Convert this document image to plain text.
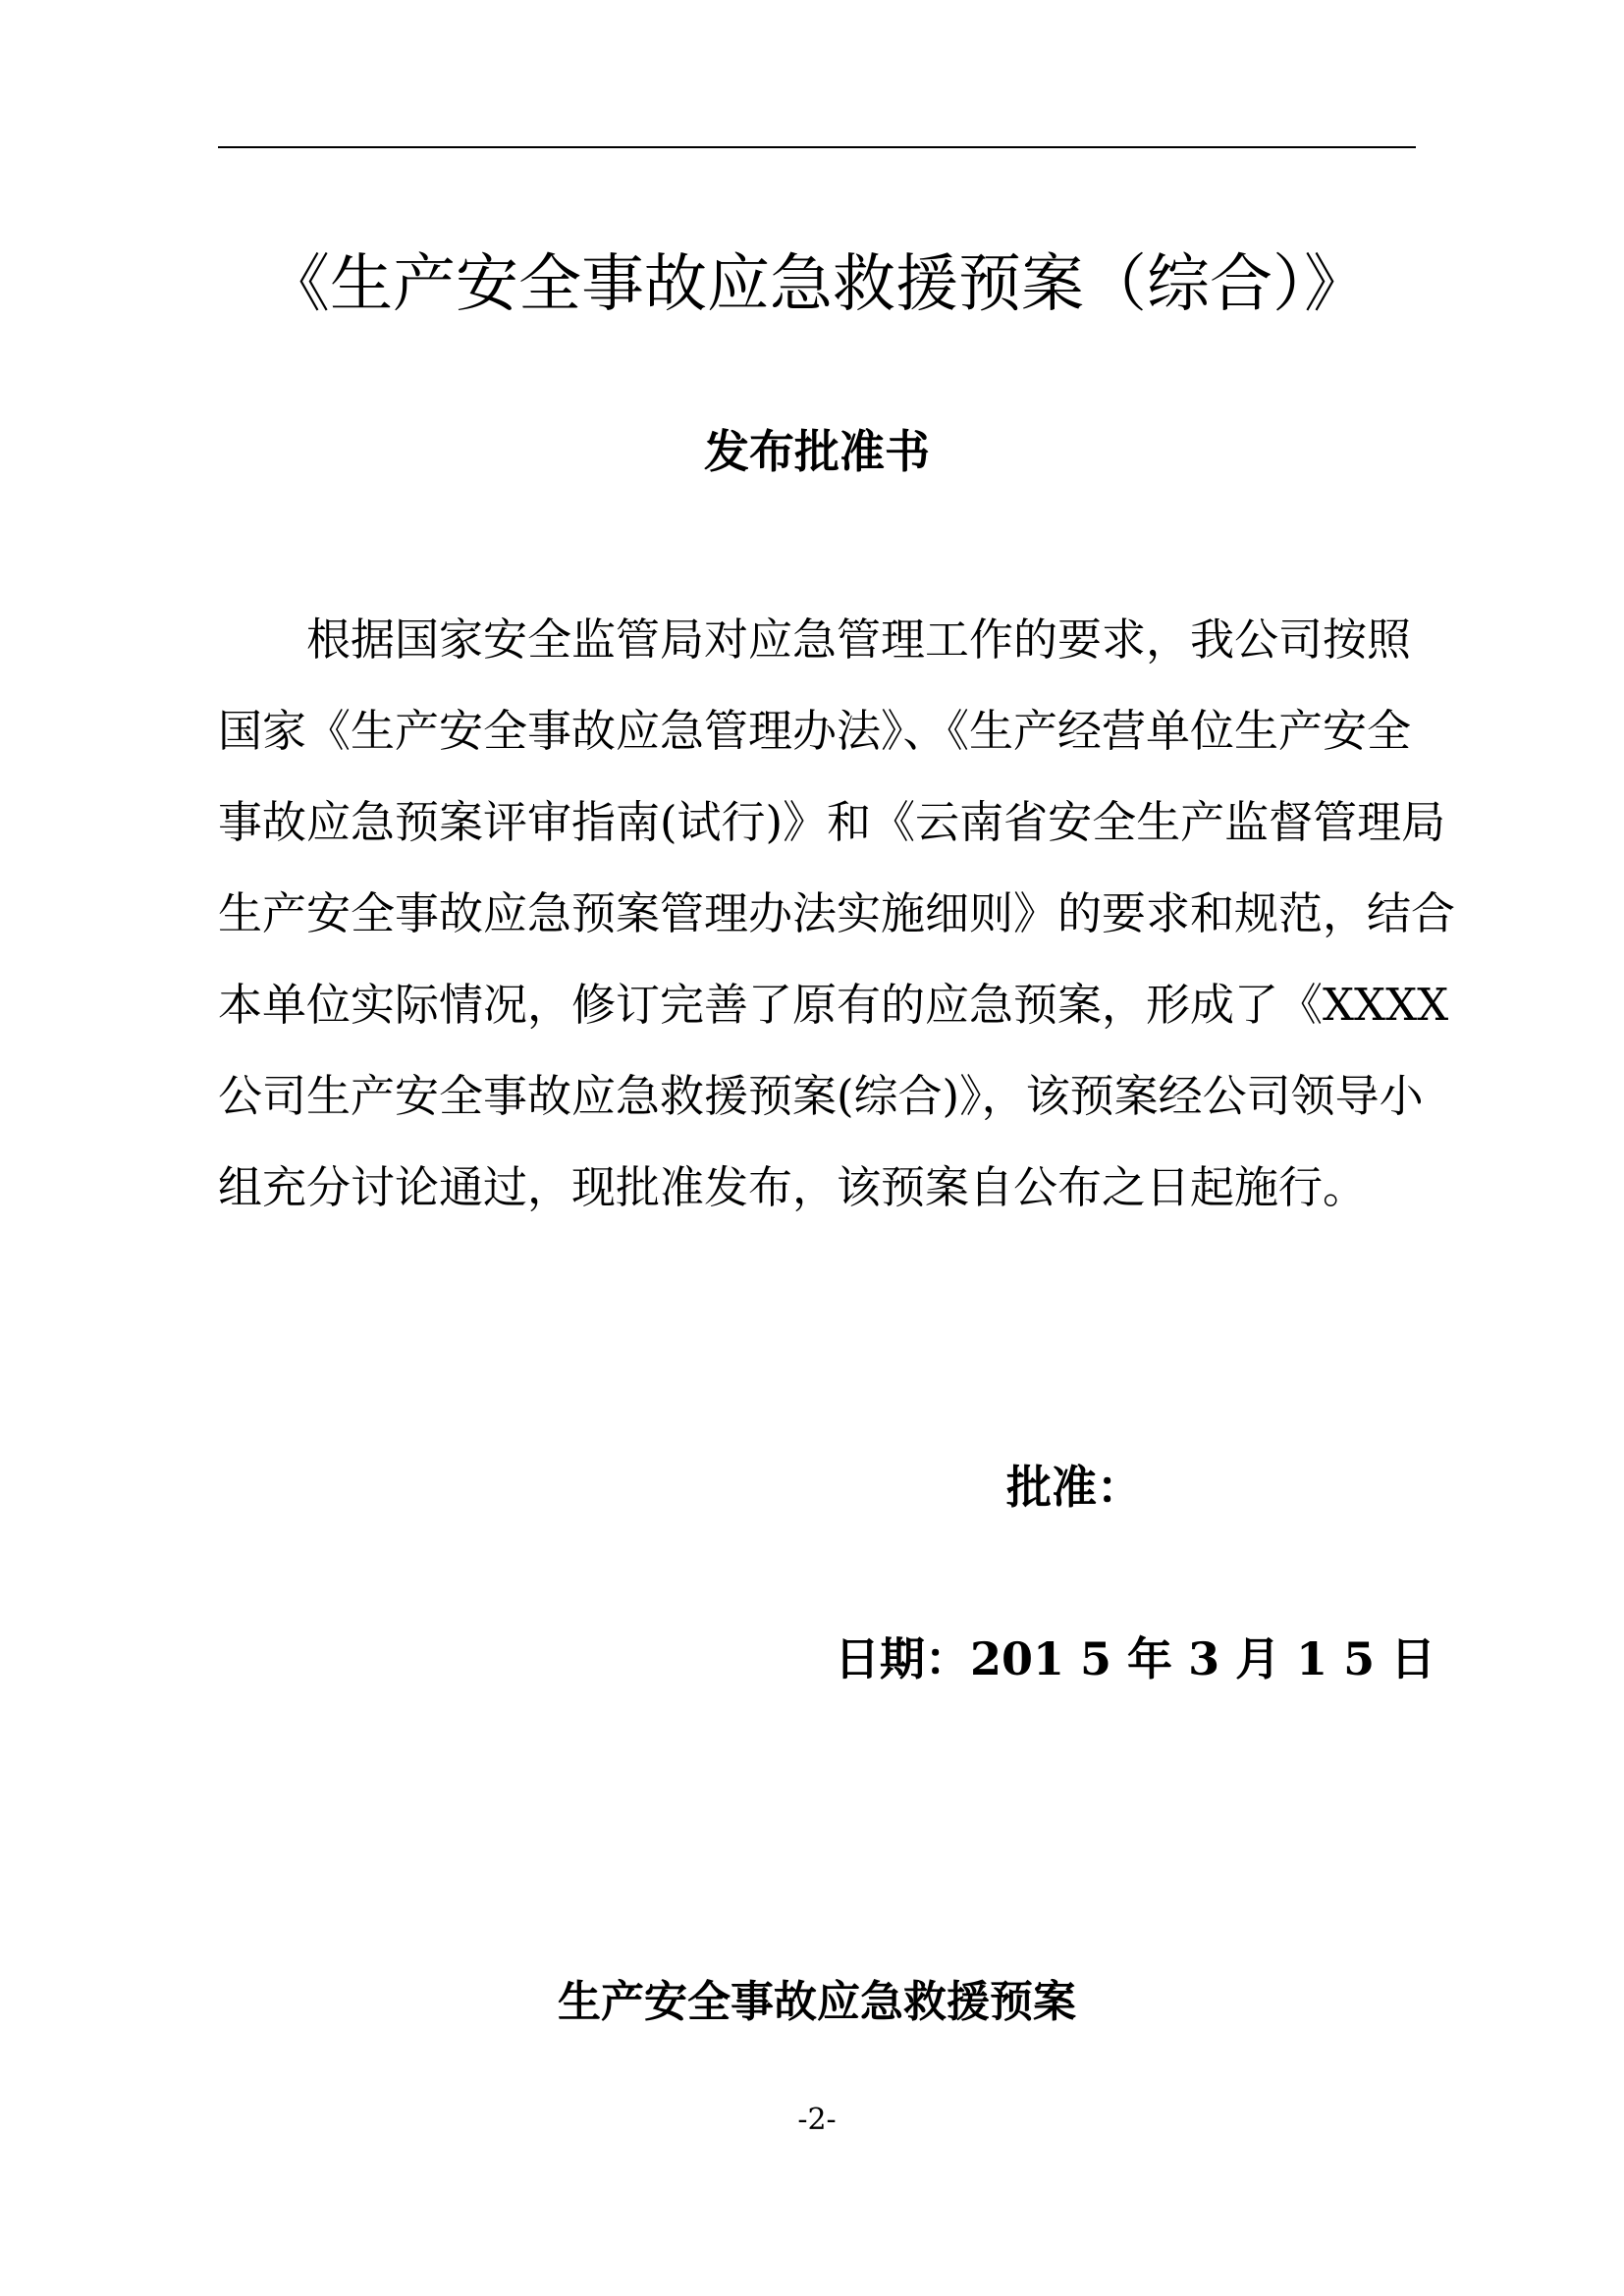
《生产安全事故应急救援预案（综合）》
发布批准书
根据国家安全监管局对应急管理工作的要求，我公司按照
国家《生产安全事故应急管理办法》、《生产经营单位生产安全
事故应急预案评审指南(试行)》和《云南省安全生产监督管理局
生产安全事故应急预案管理办法实施细则》的要求和规范，结合
本单位实际情况，修订完善了原有的应急预案，形成了《XXXX
公司生产安全事故应急救援预案(综合)》，该预案经公司领导小
组充分讨论通过，现批准发布，该预案自公布之日起施行。
批准：
日期：201 5 年 3 月 1 5 日
生产安全事故应急救援预案
-2-
